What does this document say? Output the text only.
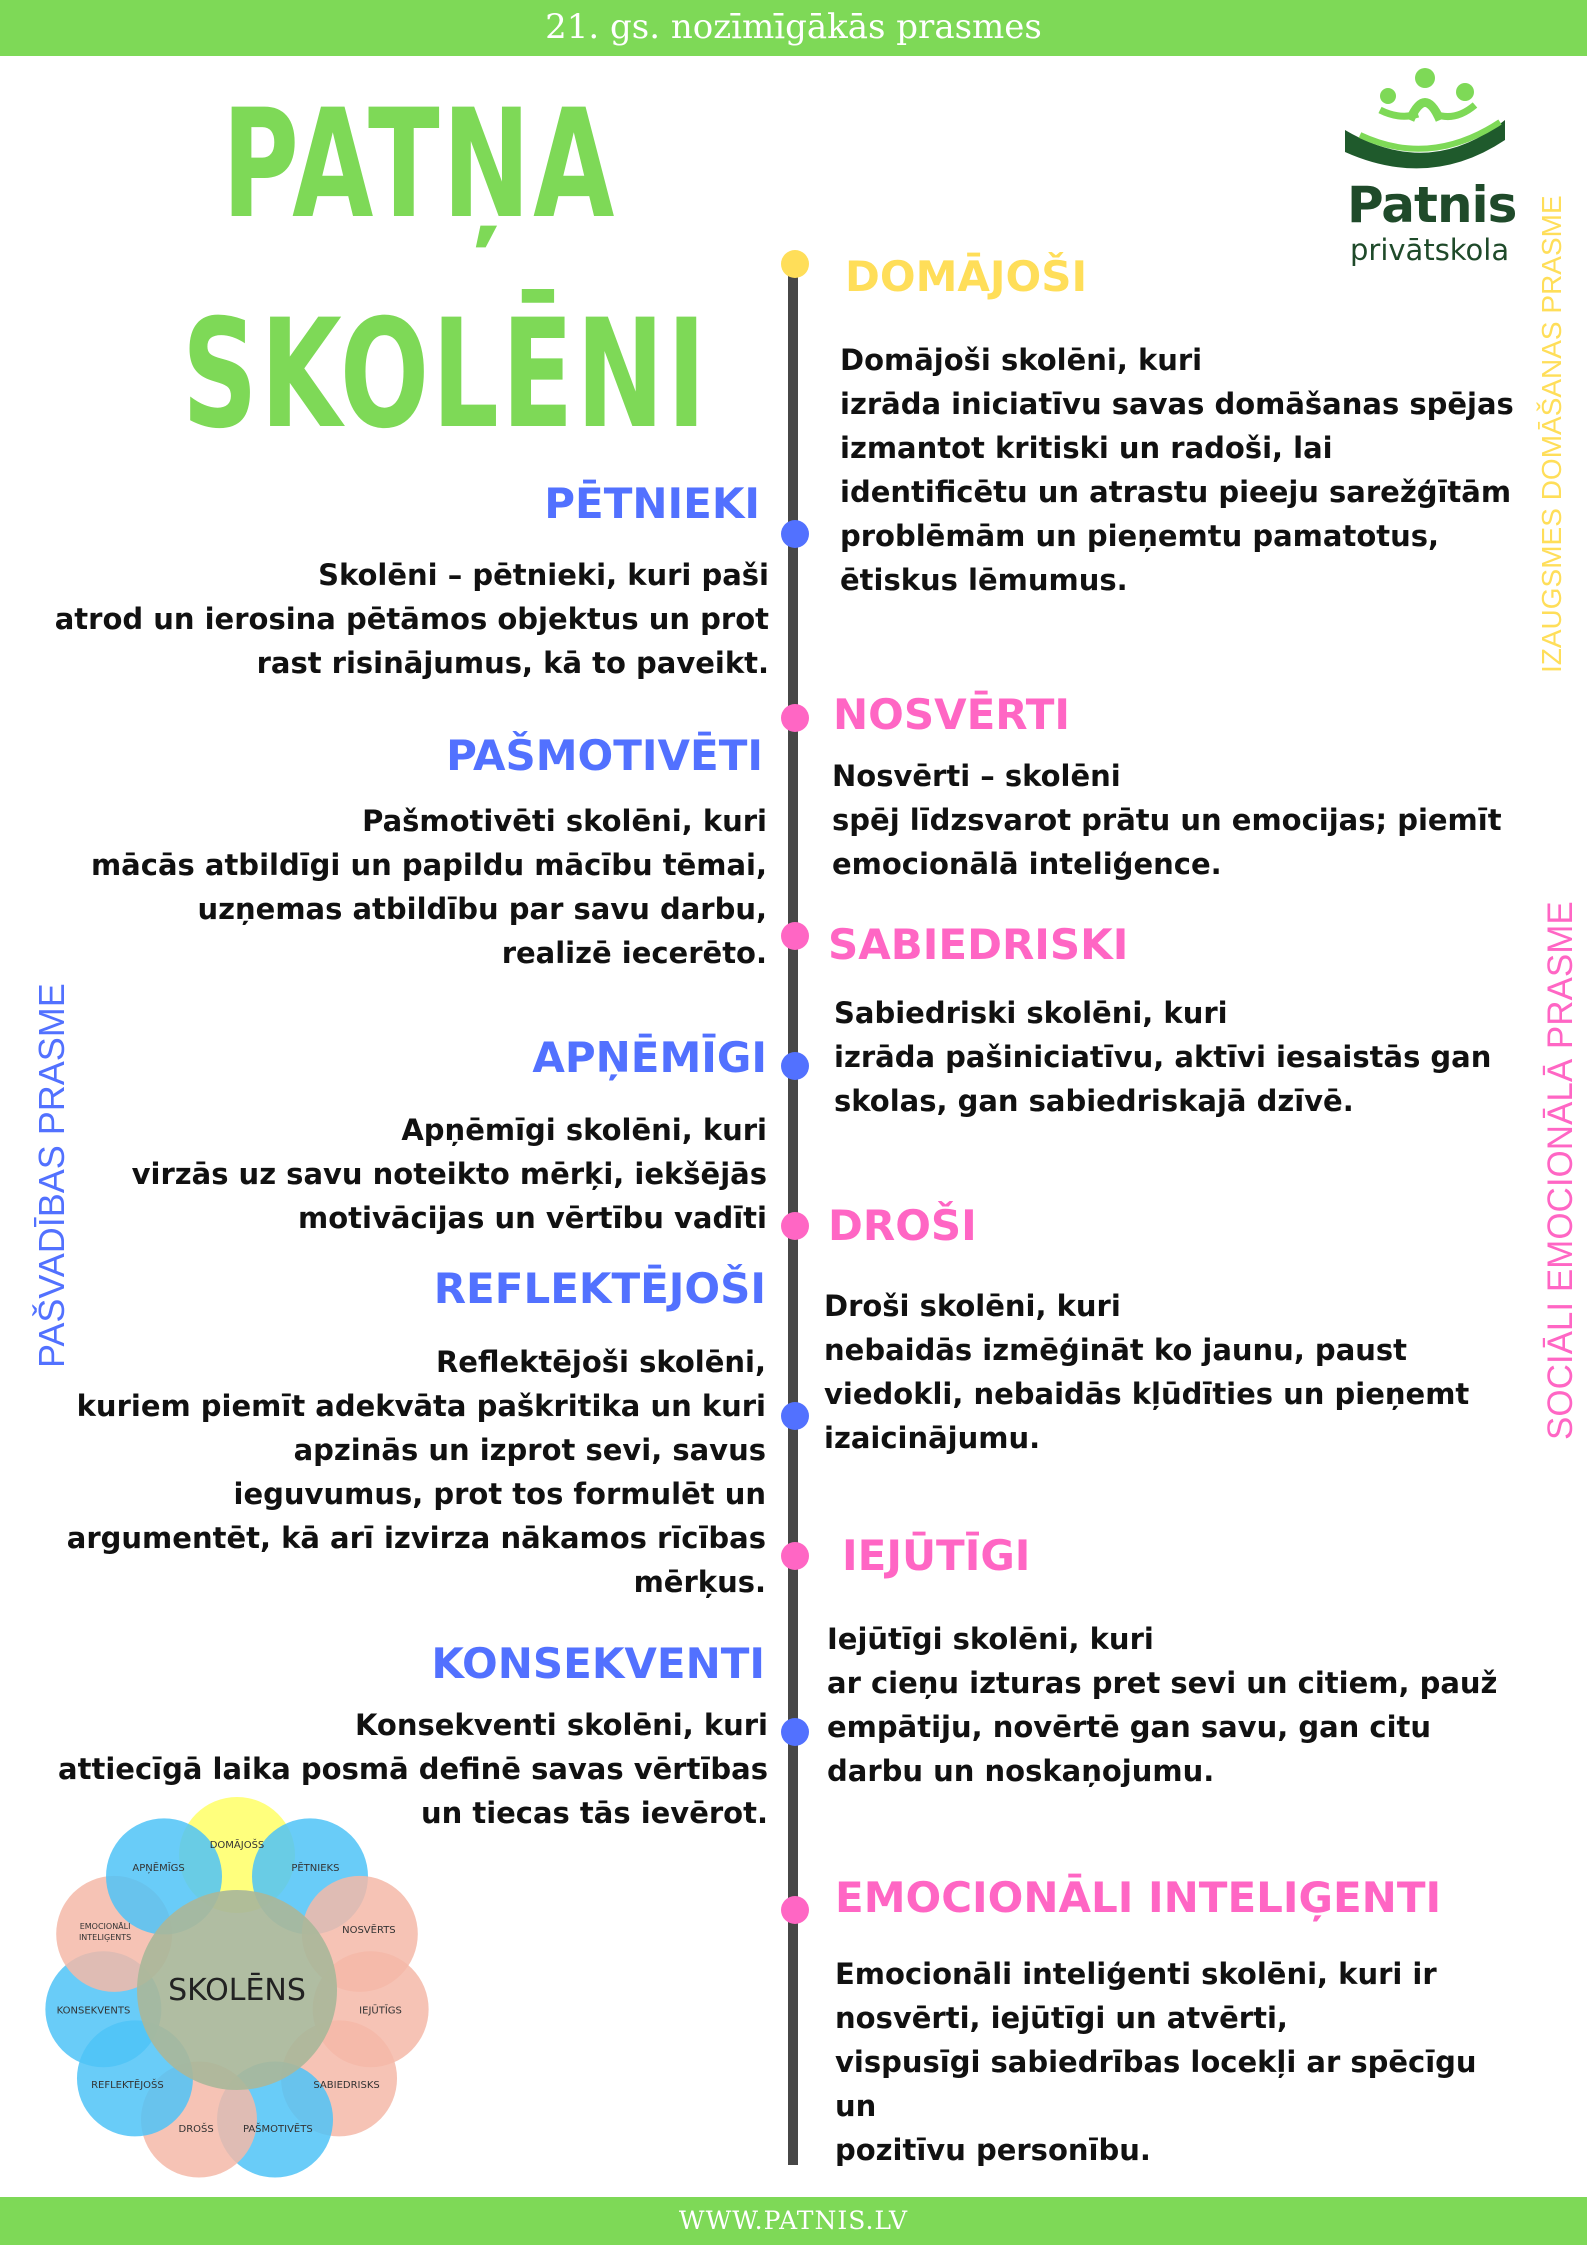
21. gs. nozīmīgākās prasmes
PATŅA
SKOLĒNI
Patnis
privātskola
PAŠVADĪBAS PRASME
IZAUGSMES DOMĀŠANAS PRASME
SOCIĀLI EMOCIONĀLĀ PRASME
PĒTNIEKI
Skolēni – pētnieki, kuri paši
atrod un ierosina pētāmos objektus un prot
rast risinājumus, kā to paveikt.
PAŠMOTIVĒTI
Pašmotivēti skolēni, kuri
mācās atbildīgi un papildu mācību tēmai,
uzņemas atbildību par savu darbu,
realizē iecerēto.
APŅĒMĪGI
Apņēmīgi skolēni, kuri
virzās uz savu noteikto mērķi, iekšējās
motivācijas un vērtību vadīti
REFLEKTĒJOŠI
Reflektējoši skolēni,
kuriem piemīt adekvāta paškritika un kuri
apzinās un izprot sevi, savus
ieguvumus, prot tos formulēt un
argumentēt, kā arī izvirza nākamos rīcības
mērķus.
KONSEKVENTI
Konsekventi skolēni, kuri
attiecīgā laika posmā definē savas vērtības
un tiecas tās ievērot.
DOMĀJOŠI
Domājoši skolēni, kuri
izrāda iniciatīvu savas domāšanas spējas
izmantot kritiski un radoši, lai
identificētu un atrastu pieeju sarežģītām
problēmām un pieņemtu pamatotus,
ētiskus lēmumus.
NOSVĒRTI
Nosvērti – skolēni
spēj līdzsvarot prātu un emocijas; piemīt
emocionālā inteliģence.
SABIEDRISKI
Sabiedriski skolēni, kuri
izrāda pašiniciatīvu, aktīvi iesaistās gan
skolas, gan sabiedriskajā dzīvē.
DROŠI
Droši skolēni, kuri
nebaidās izmēģināt ko jaunu, paust
viedokli, nebaidās kļūdīties un pieņemt
izaicinājumu.
IEJŪTĪGI
Iejūtīgi skolēni, kuri
ar cieņu izturas pret sevi un citiem, pauž
empātiju, novērtē gan savu, gan citu
darbu un noskaņojumu.
EMOCIONĀLI INTELIĢENTI
Emocionāli inteliģenti skolēni, kuri ir
nosvērti, iejūtīgi un atvērti,
vispusīgi sabiedrības locekļi ar spēcīgu un
pozitīvu personību.
DOMĀJOŠS
PĒTNIEKS
NOSVĒRTS
IEJŪTĪGS
SABIEDRISKS
PAŠMOTIVĒTS
DROŠS
REFLEKTĒJOŠS
KONSEKVENTS
EMOCIONĀLI INTELIĢENTS
APŅĒMĪGS
SKOLĒNS
WWW.PATNIS.LV
